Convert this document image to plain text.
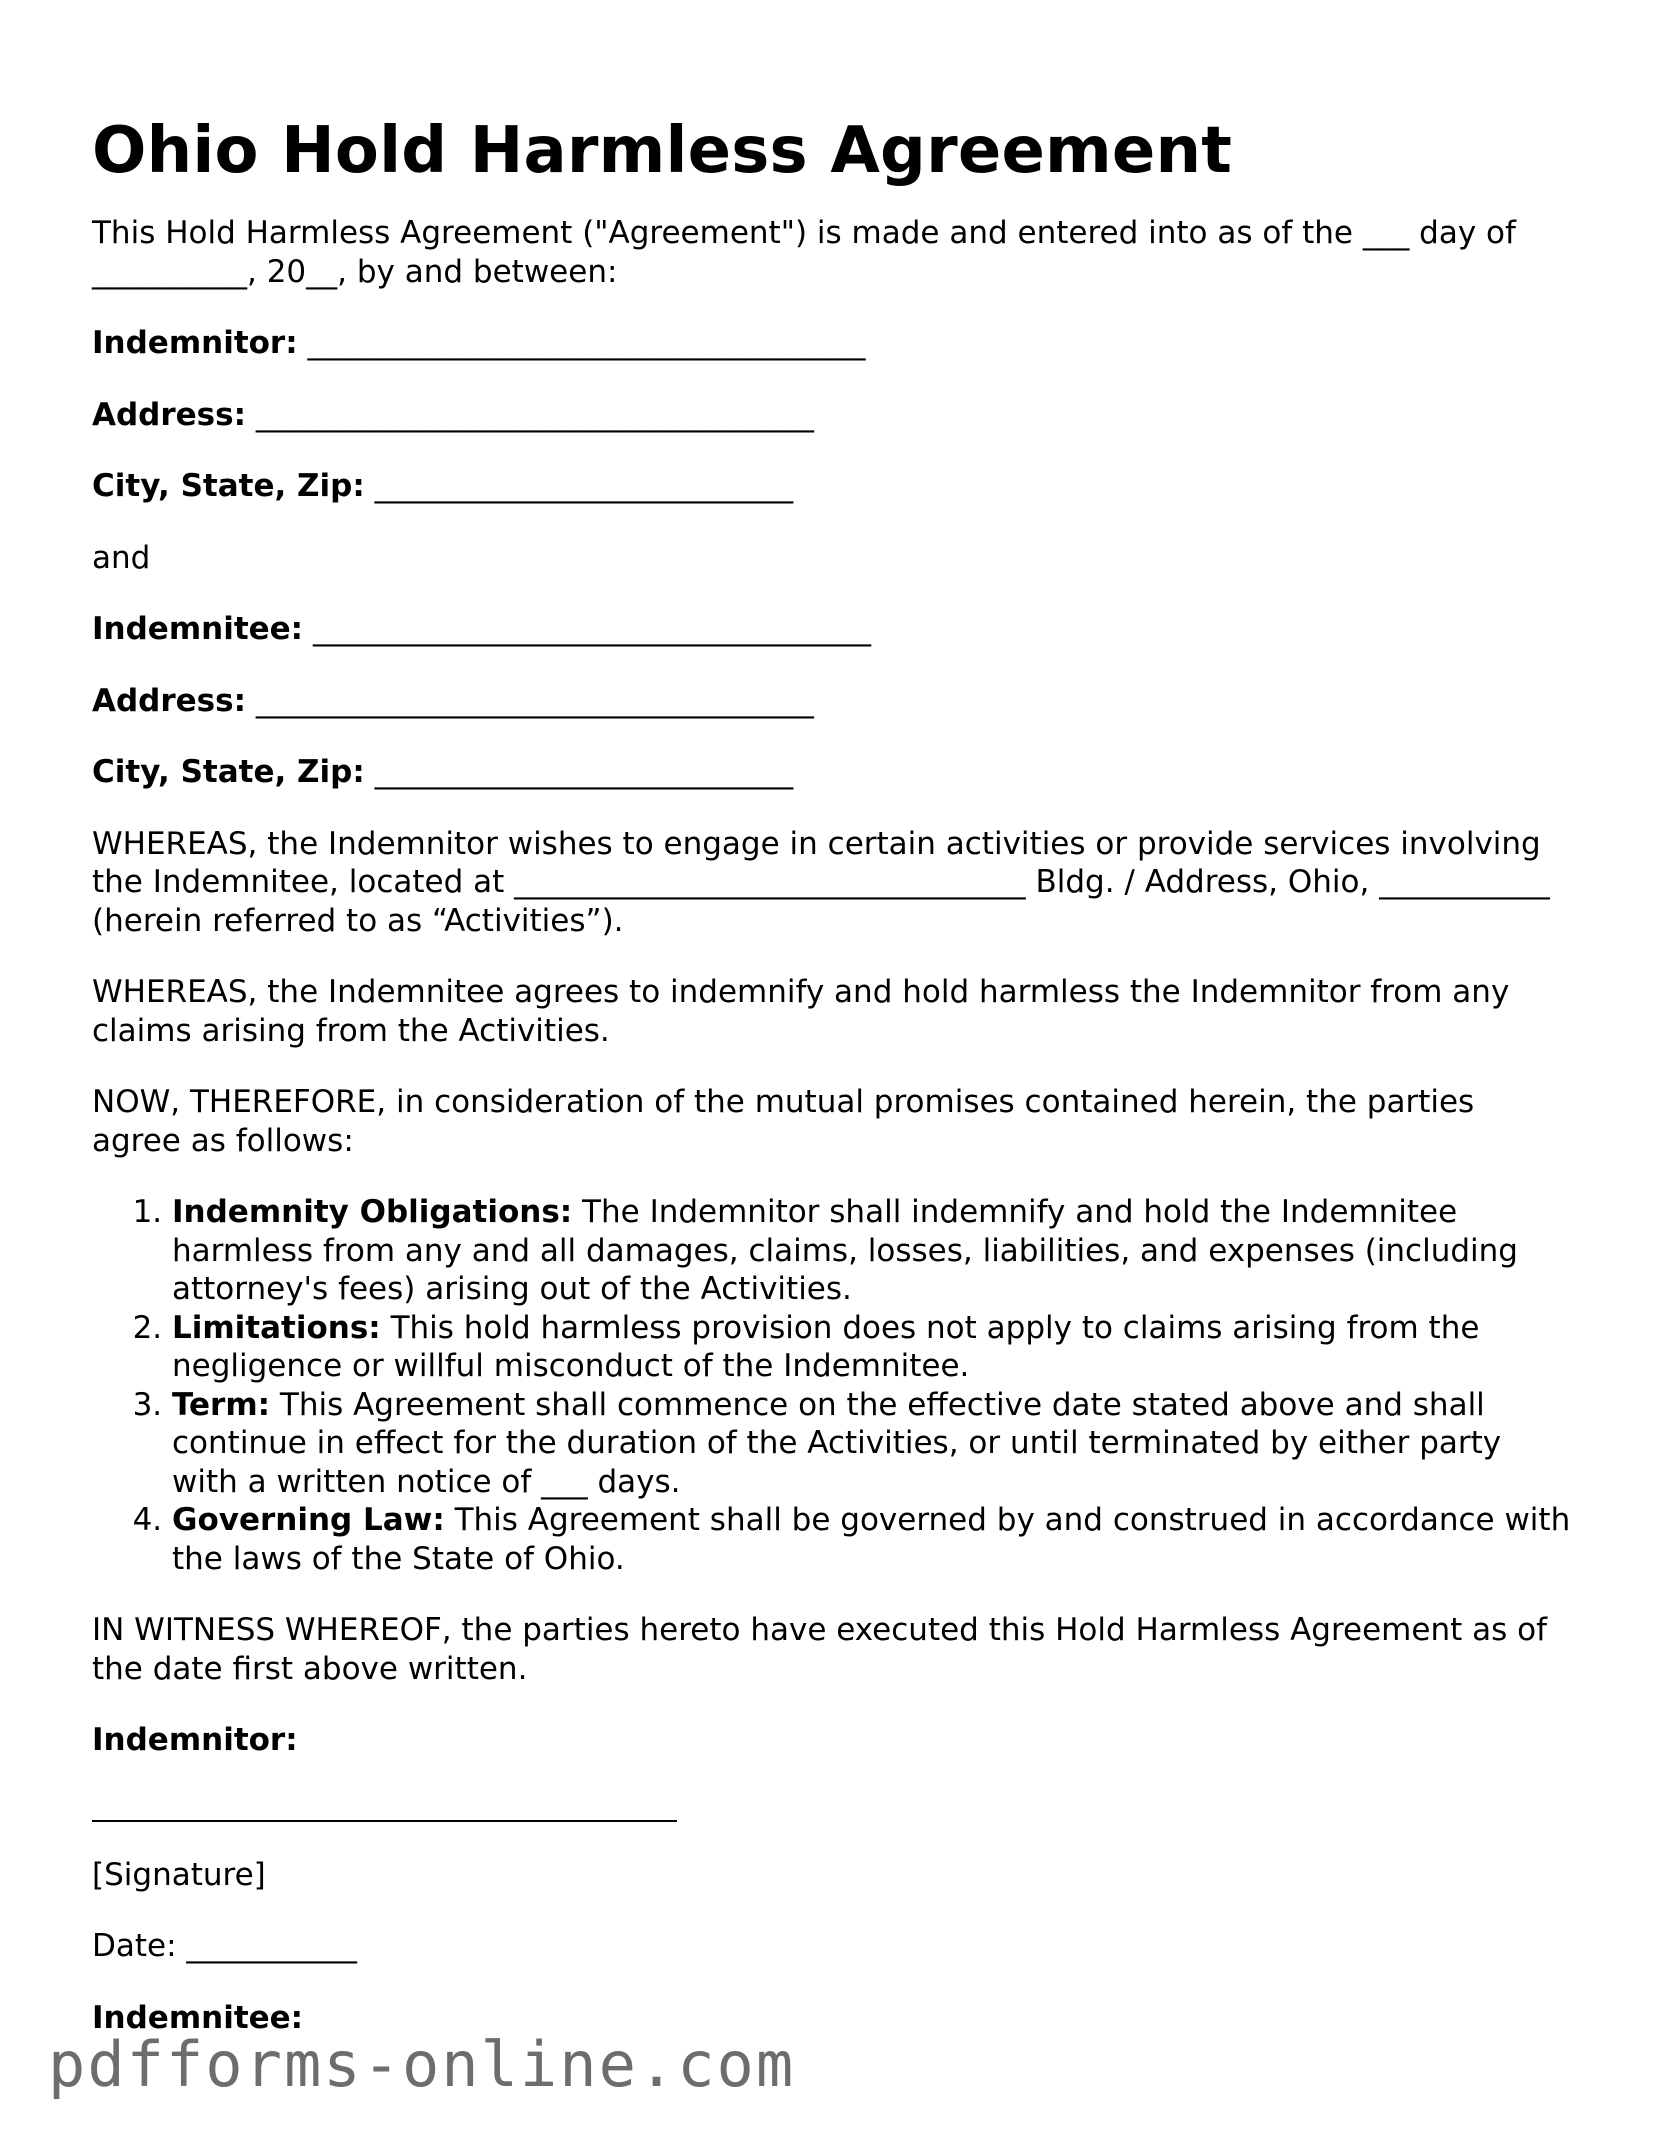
Ohio Hold Harmless Agreement

This Hold Harmless Agreement ("Agreement") is made and entered into as of the ___ day of __________, 20__, by and between:

Indemnitor: ____________________________________

Address: ____________________________________

City, State, Zip: ___________________________

and

Indemnitee: ____________________________________

Address: ____________________________________

City, State, Zip: ___________________________

WHEREAS, the Indemnitor wishes to engage in certain activities or provide services involving the Indemnitee, located at _________________________________ Bldg. / Address, Ohio, ___________ (herein referred to as “Activities”).

WHEREAS, the Indemnitee agrees to indemnify and hold harmless the Indemnitor from any claims arising from the Activities.

NOW, THEREFORE, in consideration of the mutual promises contained herein, the parties agree as follows:

1. Indemnity Obligations: The Indemnitor shall indemnify and hold the Indemnitee harmless from any and all damages, claims, losses, liabilities, and expenses (including attorney's fees) arising out of the Activities.
2. Limitations: This hold harmless provision does not apply to claims arising from the negligence or willful misconduct of the Indemnitee.
3. Term: This Agreement shall commence on the effective date stated above and shall continue in effect for the duration of the Activities, or until terminated by either party with a written notice of ___ days.
4. Governing Law: This Agreement shall be governed by and construed in accordance with the laws of the State of Ohio.

IN WITNESS WHEREOF, the parties hereto have executed this Hold Harmless Agreement as of the date first above written.

Indemnitor:

[Signature]

Date: ___________

Indemnitee:

pdfforms-online.com
